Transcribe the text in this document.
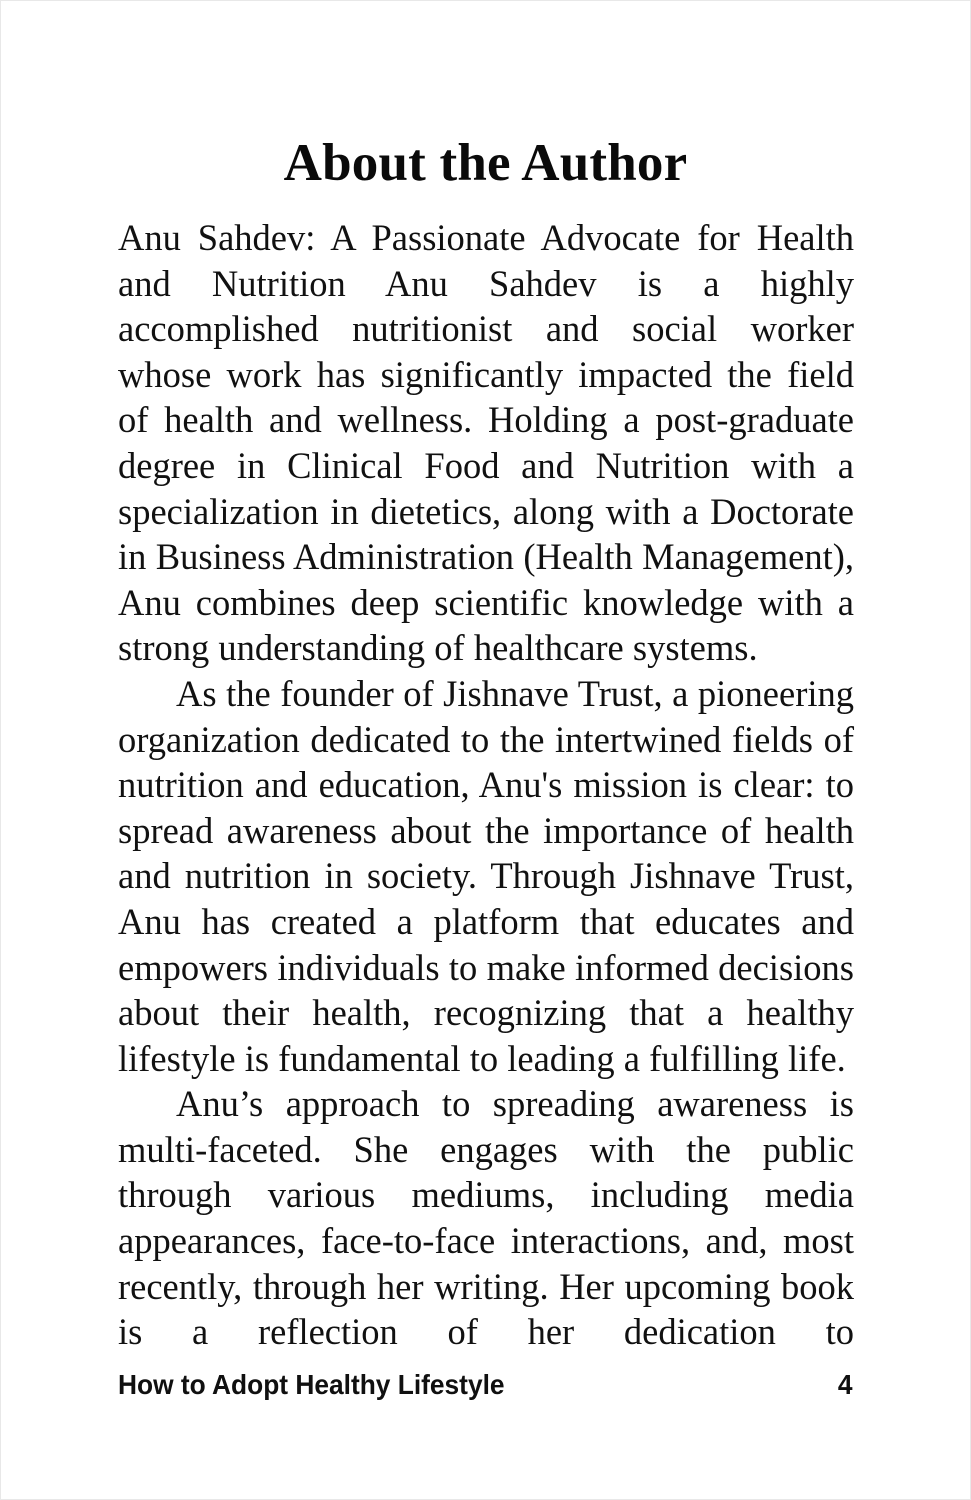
About the Author

Anu Sahdev: A Passionate Advocate for Health and Nutrition Anu Sahdev is a highly accomplished nutritionist and social worker whose work has significantly impacted the field of health and wellness. Holding a post-graduate degree in Clinical Food and Nutrition with a specialization in dietetics, along with a Doctorate in Business Administration (Health Management), Anu combines deep scientific knowledge with a strong understanding of healthcare systems.

As the founder of Jishnave Trust, a pioneering organization dedicated to the intertwined fields of nutrition and education, Anu's mission is clear: to spread awareness about the importance of health and nutrition in society. Through Jishnave Trust, Anu has created a platform that educates and empowers individuals to make informed decisions about their health, recognizing that a healthy lifestyle is fundamental to leading a fulfilling life.

Anu’s approach to spreading awareness is multi-faceted. She engages with the public through various mediums, including media appearances, face-to-face interactions, and, most recently, through her writing. Her upcoming book is a reflection of her dedication to

How to Adopt Healthy Lifestyle	4
